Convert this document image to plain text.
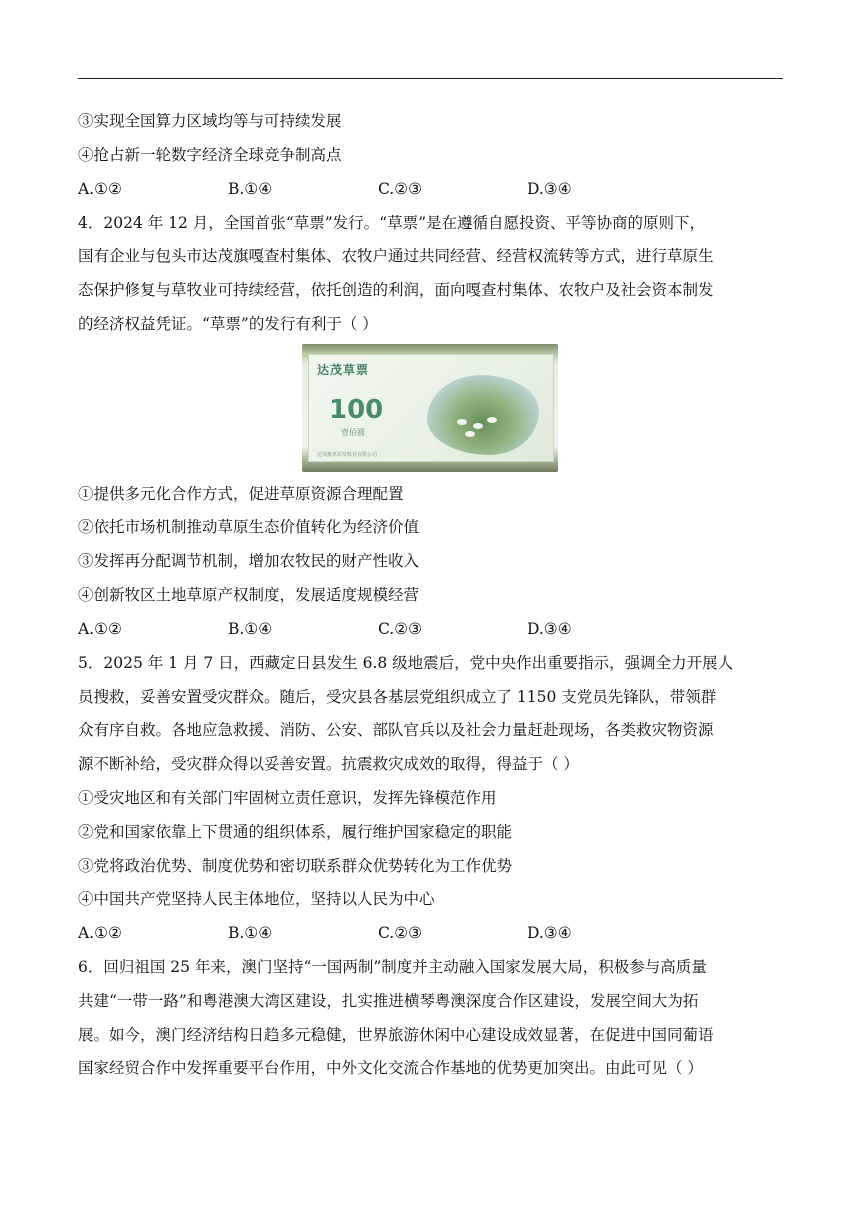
③实现全国算力区域均等与可持续发展
④抢占新一轮数字经济全球竞争制高点
A.①②	B.①④	C.②③	D.③④
4．2024 年 12 月，全国首张“草票”发行。“草票”是在遵循自愿投资、平等协商的原则下，
国有企业与包头市达茂旗嘎查村集体、农牧户通过共同经营、经营权流转等方式，进行草原生
态保护修复与草牧业可持续经营，依托创造的利润，面向嘎查村集体、农牧户及社会资本制发
的经济权益凭证。“草票”的发行有利于（ ）
达茂草票
100
壹佰圆
达茂旗草原草牧业有限公司
①提供多元化合作方式，促进草原资源合理配置
②依托市场机制推动草原生态价值转化为经济价值
③发挥再分配调节机制，增加农牧民的财产性收入
④创新牧区土地草原产权制度，发展适度规模经营
A.①②	B.①④	C.②③	D.③④
5．2025 年 1 月 7 日，西藏定日县发生 6.8 级地震后，党中央作出重要指示，强调全力开展人
员搜救，妥善安置受灾群众。随后，受灾县各基层党组织成立了 1150 支党员先锋队，带领群
众有序自救。各地应急救援、消防、公安、部队官兵以及社会力量赶赴现场，各类救灾物资源
源不断补给，受灾群众得以妥善安置。抗震救灾成效的取得，得益于（ ）
①受灾地区和有关部门牢固树立责任意识，发挥先锋模范作用
②党和国家依靠上下贯通的组织体系，履行维护国家稳定的职能
③党将政治优势、制度优势和密切联系群众优势转化为工作优势
④中国共产党坚持人民主体地位，坚持以人民为中心
A.①②	B.①④	C.②③	D.③④
6．回归祖国 25 年来，澳门坚持“一国两制”制度并主动融入国家发展大局，积极参与高质量
共建“一带一路”和粤港澳大湾区建设，扎实推进横琴粤澳深度合作区建设，发展空间大为拓
展。如今，澳门经济结构日趋多元稳健，世界旅游休闲中心建设成效显著，在促进中国同葡语
国家经贸合作中发挥重要平台作用，中外文化交流合作基地的优势更加突出。由此可见（ ）
